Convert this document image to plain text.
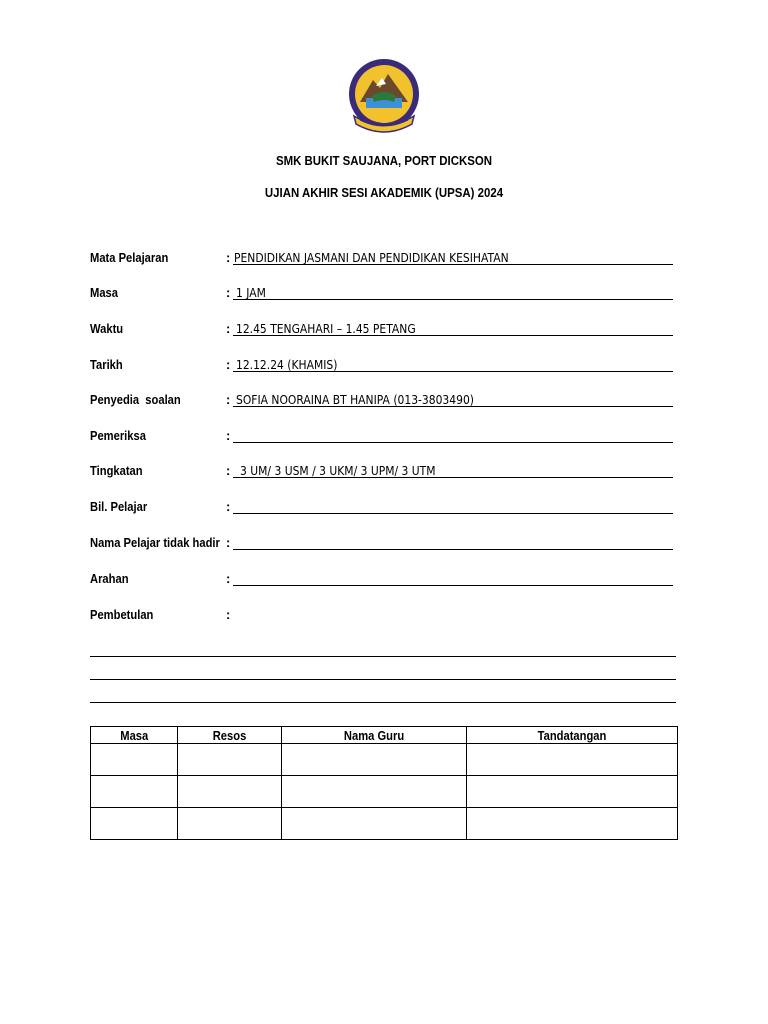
SMK BUKIT SAUJANA, PORT DICKSON
UJIAN AKHIR SESI AKADEMIK (UPSA) 2024
Mata Pelajaran	: PENDIDIKAN JASMANI DAN PENDIDIKAN KESIHATAN
Masa	: 1 JAM
Waktu	: 12.45 TENGAHARI – 1.45 PETANG
Tarikh	: 12.12.24 (KHAMIS)
Penyedia  soalan	: SOFIA NOORAINA BT HANIPA (013-3803490)
Pemeriksa	:
Tingkatan	: 3 UM/ 3 USM / 3 UKM/ 3 UPM/ 3 UTM
Bil. Pelajar	:
Nama Pelajar tidak hadir :
Arahan	:
Pembetulan	:
Masa	Resos	Nama Guru	Tandatangan
